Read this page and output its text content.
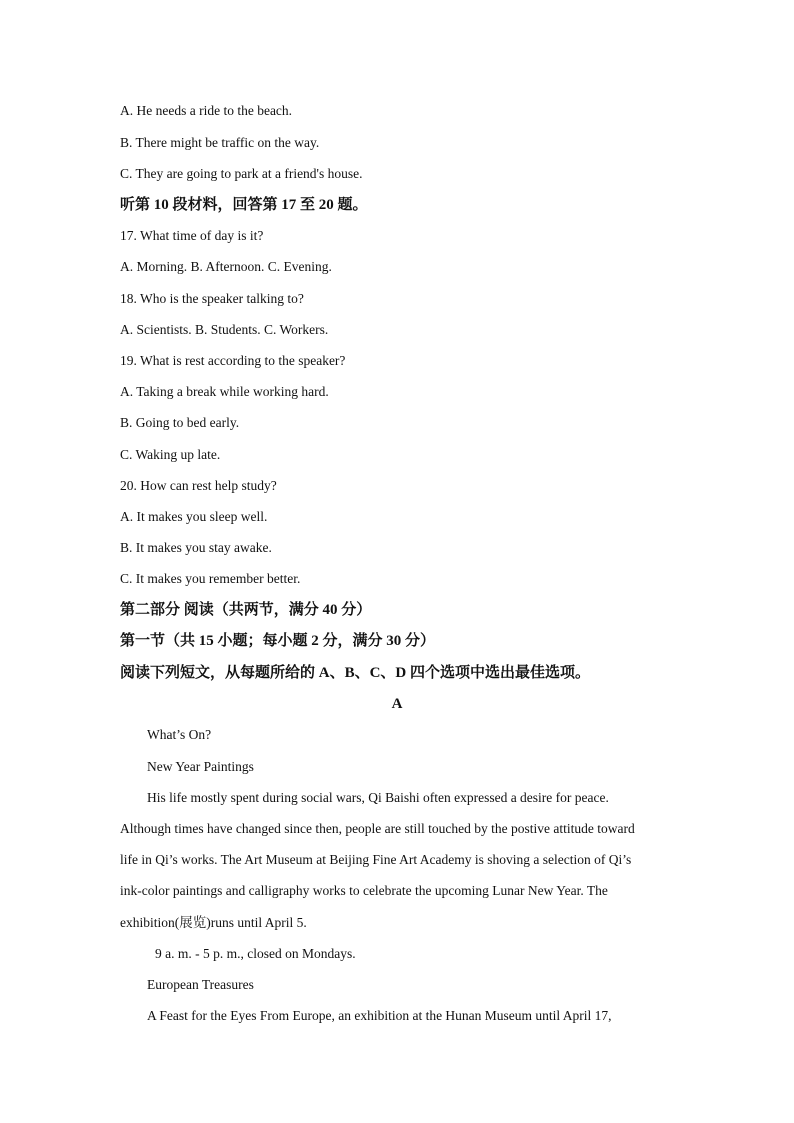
A. He needs a ride to the beach.
B. There might be traffic on the way.
C. They are going to park at a friend's house.
听第 10 段材料，回答第 17 至 20 题。
17. What time of day is it?
A. Morning. B. Afternoon. C. Evening.
18. Who is the speaker talking to?
A. Scientists. B. Students. C. Workers.
19. What is rest according to the speaker?
A. Taking a break while working hard.
B. Going to bed early.
C. Waking up late.
20. How can rest help study?
A. It makes you sleep well.
B. It makes you stay awake.
C. It makes you remember better.
第二部分 阅读（共两节，满分 40 分）
第一节（共 15 小题；每小题 2 分，满分 30 分）
阅读下列短文，从每题所给的 A、B、C、D 四个选项中选出最佳选项。
A
What’s On?
New Year Paintings
His life mostly spent during social wars, Qi Baishi often expressed a desire for peace.
Although times have changed since then, people are still touched by the postive attitude toward
life in Qi’s works. The Art Museum at Beijing Fine Art Academy is shoving a selection of Qi’s
ink-color paintings and calligraphy works to celebrate the upcoming Lunar New Year. The
exhibition(展览)runs until April 5.
9 a. m. - 5 p. m., closed on Mondays.
European Treasures
A Feast for the Eyes From Europe, an exhibition at the Hunan Museum until April 17,
